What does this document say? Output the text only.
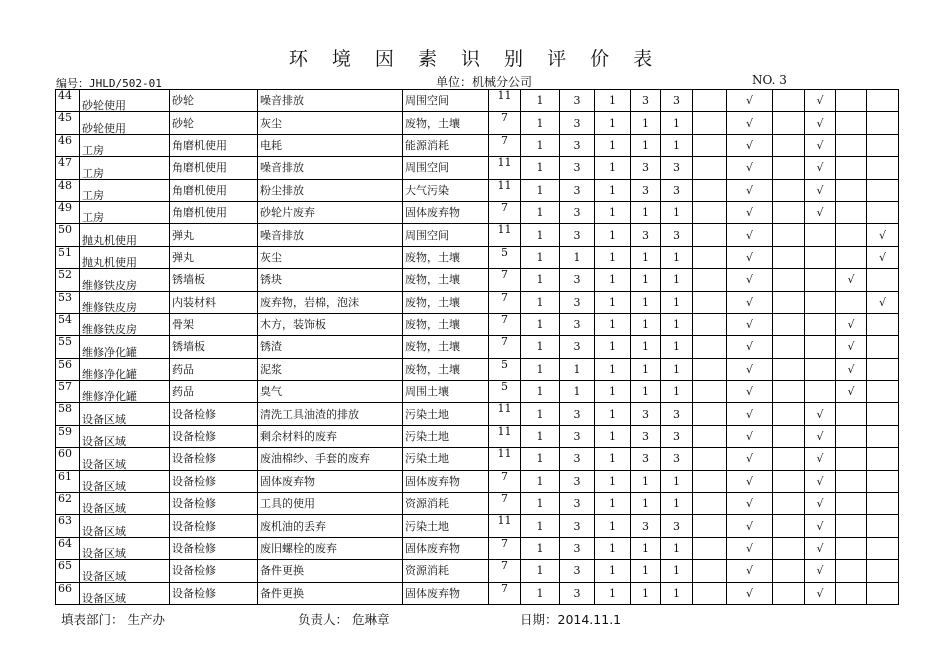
环 境 因 素 识 别 评 价 表
编号：JHLD/502-01	单位：机械分公司	NO. 3
44	砂轮使用	砂轮	噪音排放	周围空间	11	1	3	1	3	3		√		√		
45	砂轮使用	砂轮	灰尘	废物，土壤	7	1	3	1	1	1		√		√		
46	工房	角磨机使用	电耗	能源消耗	7	1	3	1	1	1		√		√		
47	工房	角磨机使用	噪音排放	周围空间	11	1	3	1	3	3		√		√		
48	工房	角磨机使用	粉尘排放	大气污染	11	1	3	1	3	3		√		√		
49	工房	角磨机使用	砂轮片废弃	固体废弃物	7	1	3	1	1	1		√		√		
50	抛丸机使用	弹丸	噪音排放	周围空间	11	1	3	1	3	3		√				√
51	抛丸机使用	弹丸	灰尘	废物，土壤	5	1	1	1	1	1		√				√
52	维修铁皮房	锈墙板	锈块	废物，土壤	7	1	3	1	1	1		√			√	
53	维修铁皮房	内装材料	废弃物，岩棉，泡沫	废物，土壤	7	1	3	1	1	1		√				√
54	维修铁皮房	骨架	木方，装饰板	废物，土壤	7	1	3	1	1	1		√			√	
55	维修净化罐	锈墙板	锈渣	废物，土壤	7	1	3	1	1	1		√			√	
56	维修净化罐	药品	泥浆	废物，土壤	5	1	1	1	1	1		√			√	
57	维修净化罐	药品	臭气	周围土壤	5	1	1	1	1	1		√			√	
58	设备区域	设备检修	清洗工具油渣的排放	污染土地	11	1	3	1	3	3		√		√		
59	设备区域	设备检修	剩余材料的废弃	污染土地	11	1	3	1	3	3		√		√		
60	设备区域	设备检修	废油棉纱、手套的废弃	污染土地	11	1	3	1	3	3		√		√		
61	设备区域	设备检修	固体废弃物	固体废弃物	7	1	3	1	1	1		√		√		
62	设备区域	设备检修	工具的使用	资源消耗	7	1	3	1	1	1		√		√		
63	设备区域	设备检修	废机油的丢弃	污染土地	11	1	3	1	3	3		√		√		
64	设备区域	设备检修	废旧螺栓的废弃	固体废弃物	7	1	3	1	1	1		√		√		
65	设备区域	设备检修	备件更换	资源消耗	7	1	3	1	1	1		√		√		
66	设备区域	设备检修	备件更换	固体废弃物	7	1	3	1	1	1		√		√		
填表部门： 生产办	负责人： 危琳章	日期：2014.11.1
